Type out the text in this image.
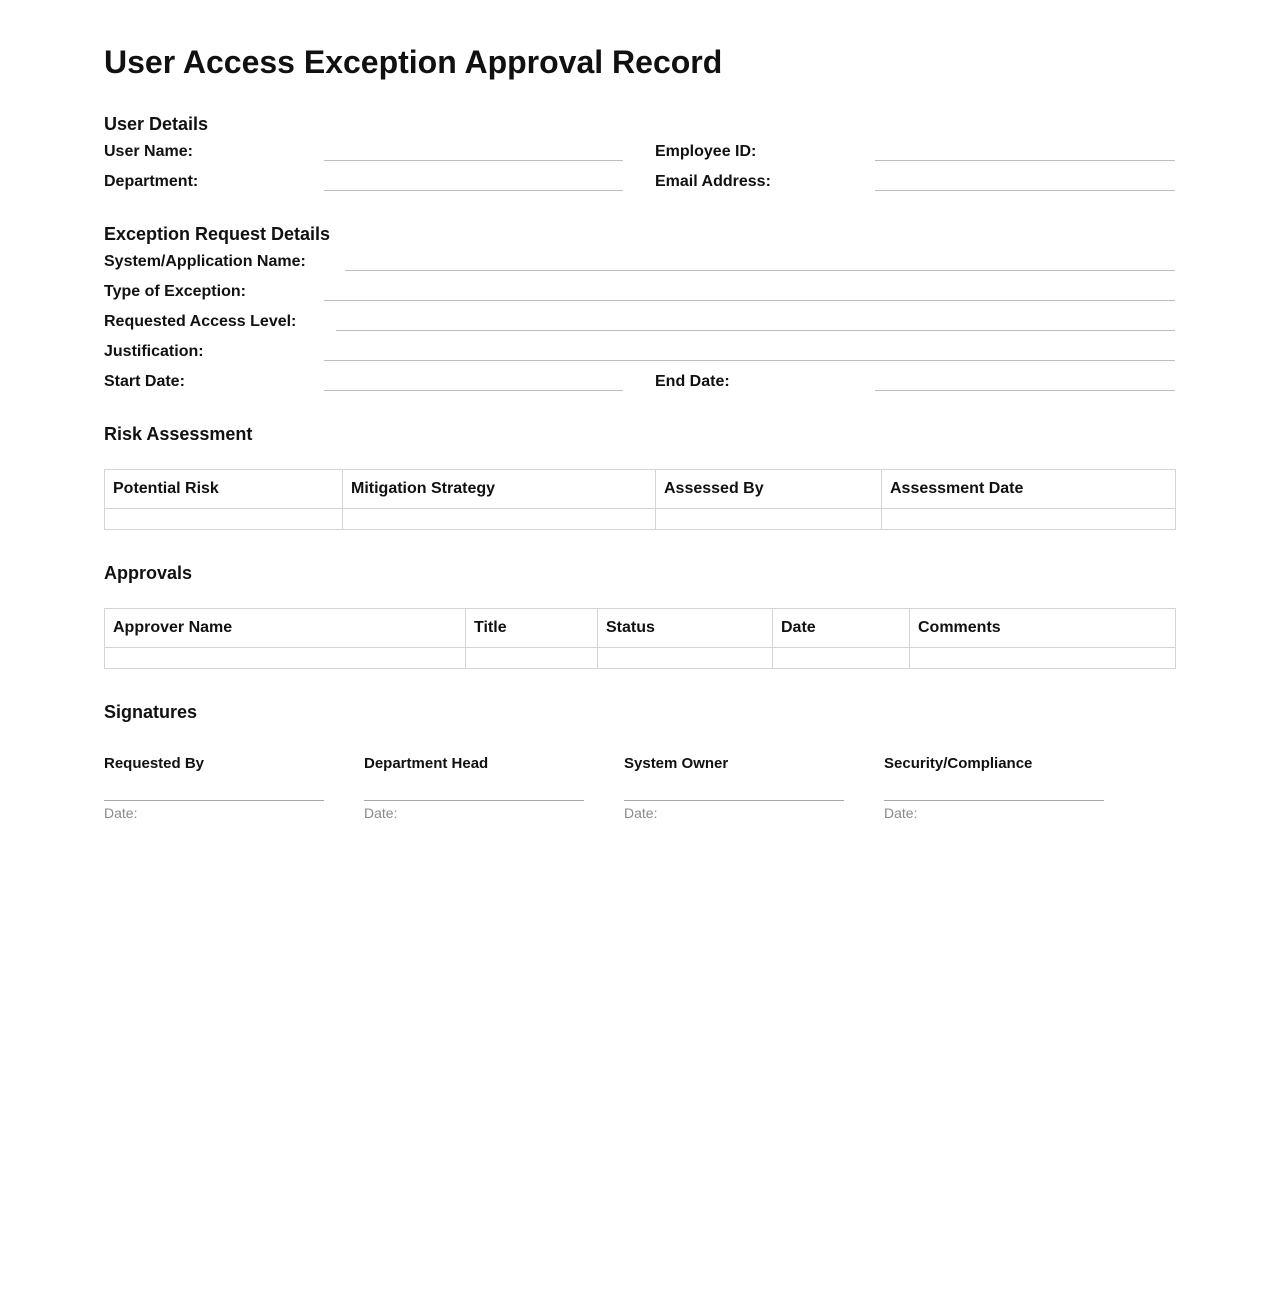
User Access Exception Approval Record
User Details
User Name:	Employee ID:
Department:	Email Address:
Exception Request Details
System/Application Name:
Type of Exception:
Requested Access Level:
Justification:
Start Date:	End Date:
Risk Assessment
Potential Risk	Mitigation Strategy	Assessed By	Assessment Date

Approvals
Approver Name	Title	Status	Date	Comments

Signatures
Requested By
Date:
Department Head
Date:
System Owner
Date:
Security/Compliance
Date:
